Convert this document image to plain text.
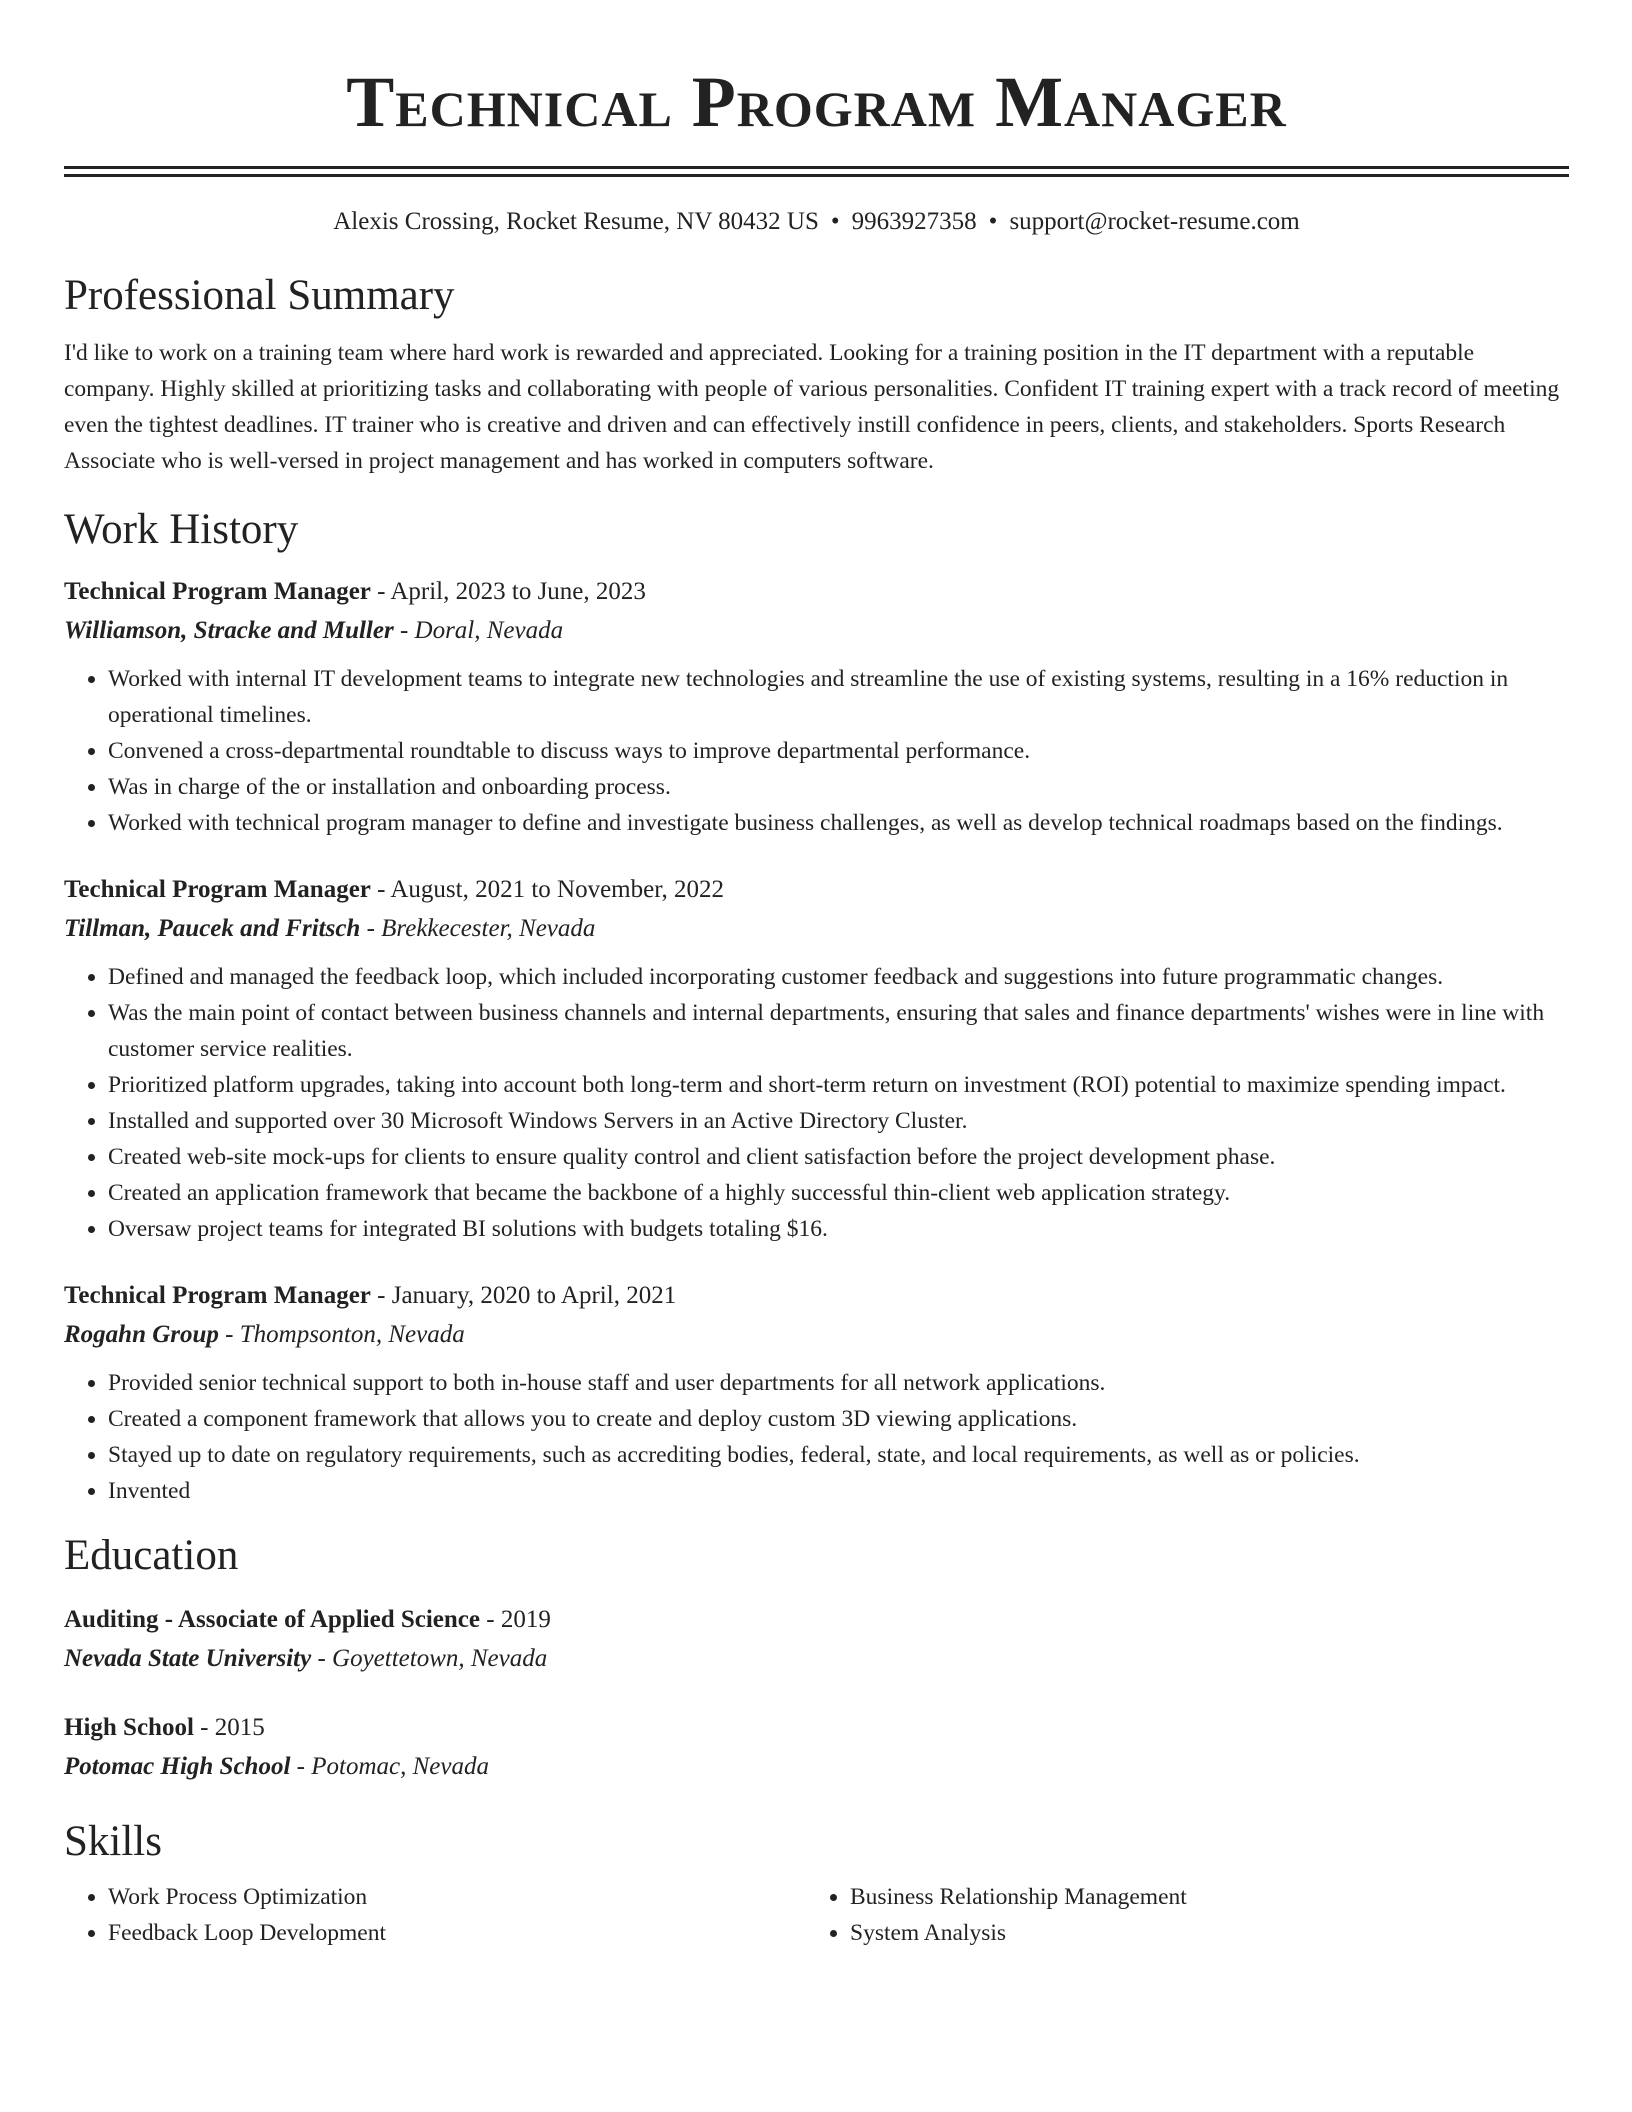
Technical Program Manager
Alexis Crossing, Rocket Resume, NV 80432 US • 9963927358 • support@rocket-resume.com
Professional Summary
I'd like to work on a training team where hard work is rewarded and appreciated. Looking for a training position in the IT department with a reputable company. Highly skilled at prioritizing tasks and collaborating with people of various personalities. Confident IT training expert with a track record of meeting even the tightest deadlines. IT trainer who is creative and driven and can effectively instill confidence in peers, clients, and stakeholders. Sports Research Associate who is well-versed in project management and has worked in computers software.
Work History
Technical Program Manager - April, 2023 to June, 2023
Williamson, Stracke and Muller - Doral, Nevada
• Worked with internal IT development teams to integrate new technologies and streamline the use of existing systems, resulting in a 16% reduction in operational timelines.
• Convened a cross-departmental roundtable to discuss ways to improve departmental performance.
• Was in charge of the or installation and onboarding process.
• Worked with technical program manager to define and investigate business challenges, as well as develop technical roadmaps based on the findings.
Technical Program Manager - August, 2021 to November, 2022
Tillman, Paucek and Fritsch - Brekkecester, Nevada
• Defined and managed the feedback loop, which included incorporating customer feedback and suggestions into future programmatic changes.
• Was the main point of contact between business channels and internal departments, ensuring that sales and finance departments' wishes were in line with customer service realities.
• Prioritized platform upgrades, taking into account both long-term and short-term return on investment (ROI) potential to maximize spending impact.
• Installed and supported over 30 Microsoft Windows Servers in an Active Directory Cluster.
• Created web-site mock-ups for clients to ensure quality control and client satisfaction before the project development phase.
• Created an application framework that became the backbone of a highly successful thin-client web application strategy.
• Oversaw project teams for integrated BI solutions with budgets totaling $16.
Technical Program Manager - January, 2020 to April, 2021
Rogahn Group - Thompsonton, Nevada
• Provided senior technical support to both in-house staff and user departments for all network applications.
• Created a component framework that allows you to create and deploy custom 3D viewing applications.
• Stayed up to date on regulatory requirements, such as accrediting bodies, federal, state, and local requirements, as well as or policies.
• Invented
Education
Auditing - Associate of Applied Science - 2019
Nevada State University - Goyettetown, Nevada
High School - 2015
Potomac High School - Potomac, Nevada
Skills
• Work Process Optimization
• Feedback Loop Development
• Business Relationship Management
• System Analysis
